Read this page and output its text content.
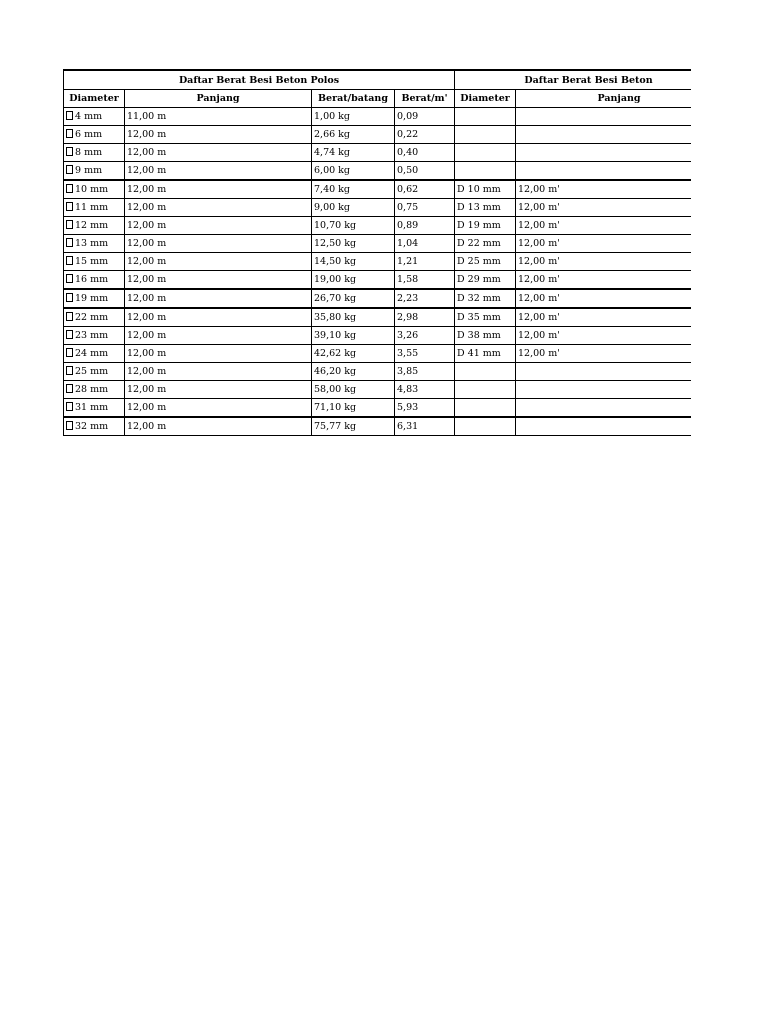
Daftar Berat Besi Beton Polos				Daftar Berat Besi Beton	
Diameter	Panjang	Berat/batang	Berat/m'	Diameter	Panjang
4 mm	11,00 m	1,00 kg	0,09		
6 mm	12,00 m	2,66 kg	0,22		
8 mm	12,00 m	4,74 kg	0,40		
9 mm	12,00 m	6,00 kg	0,50		
10 mm	12,00 m	7,40 kg	0,62	D 10 mm	12,00 m'
11 mm	12,00 m	9,00 kg	0,75	D 13 mm	12,00 m'
12 mm	12,00 m	10,70 kg	0,89	D 19 mm	12,00 m'
13 mm	12,00 m	12,50 kg	1,04	D 22 mm	12,00 m'
15 mm	12,00 m	14,50 kg	1,21	D 25 mm	12,00 m'
16 mm	12,00 m	19,00 kg	1,58	D 29 mm	12,00 m'
19 mm	12,00 m	26,70 kg	2,23	D 32 mm	12,00 m'
22 mm	12,00 m	35,80 kg	2,98	D 35 mm	12,00 m'
23 mm	12,00 m	39,10 kg	3,26	D 38 mm	12,00 m'
24 mm	12,00 m	42,62 kg	3,55	D 41 mm	12,00 m'
25 mm	12,00 m	46,20 kg	3,85		
28 mm	12,00 m	58,00 kg	4,83		
31 mm	12,00 m	71,10 kg	5,93		
32 mm	12,00 m	75,77 kg	6,31		
